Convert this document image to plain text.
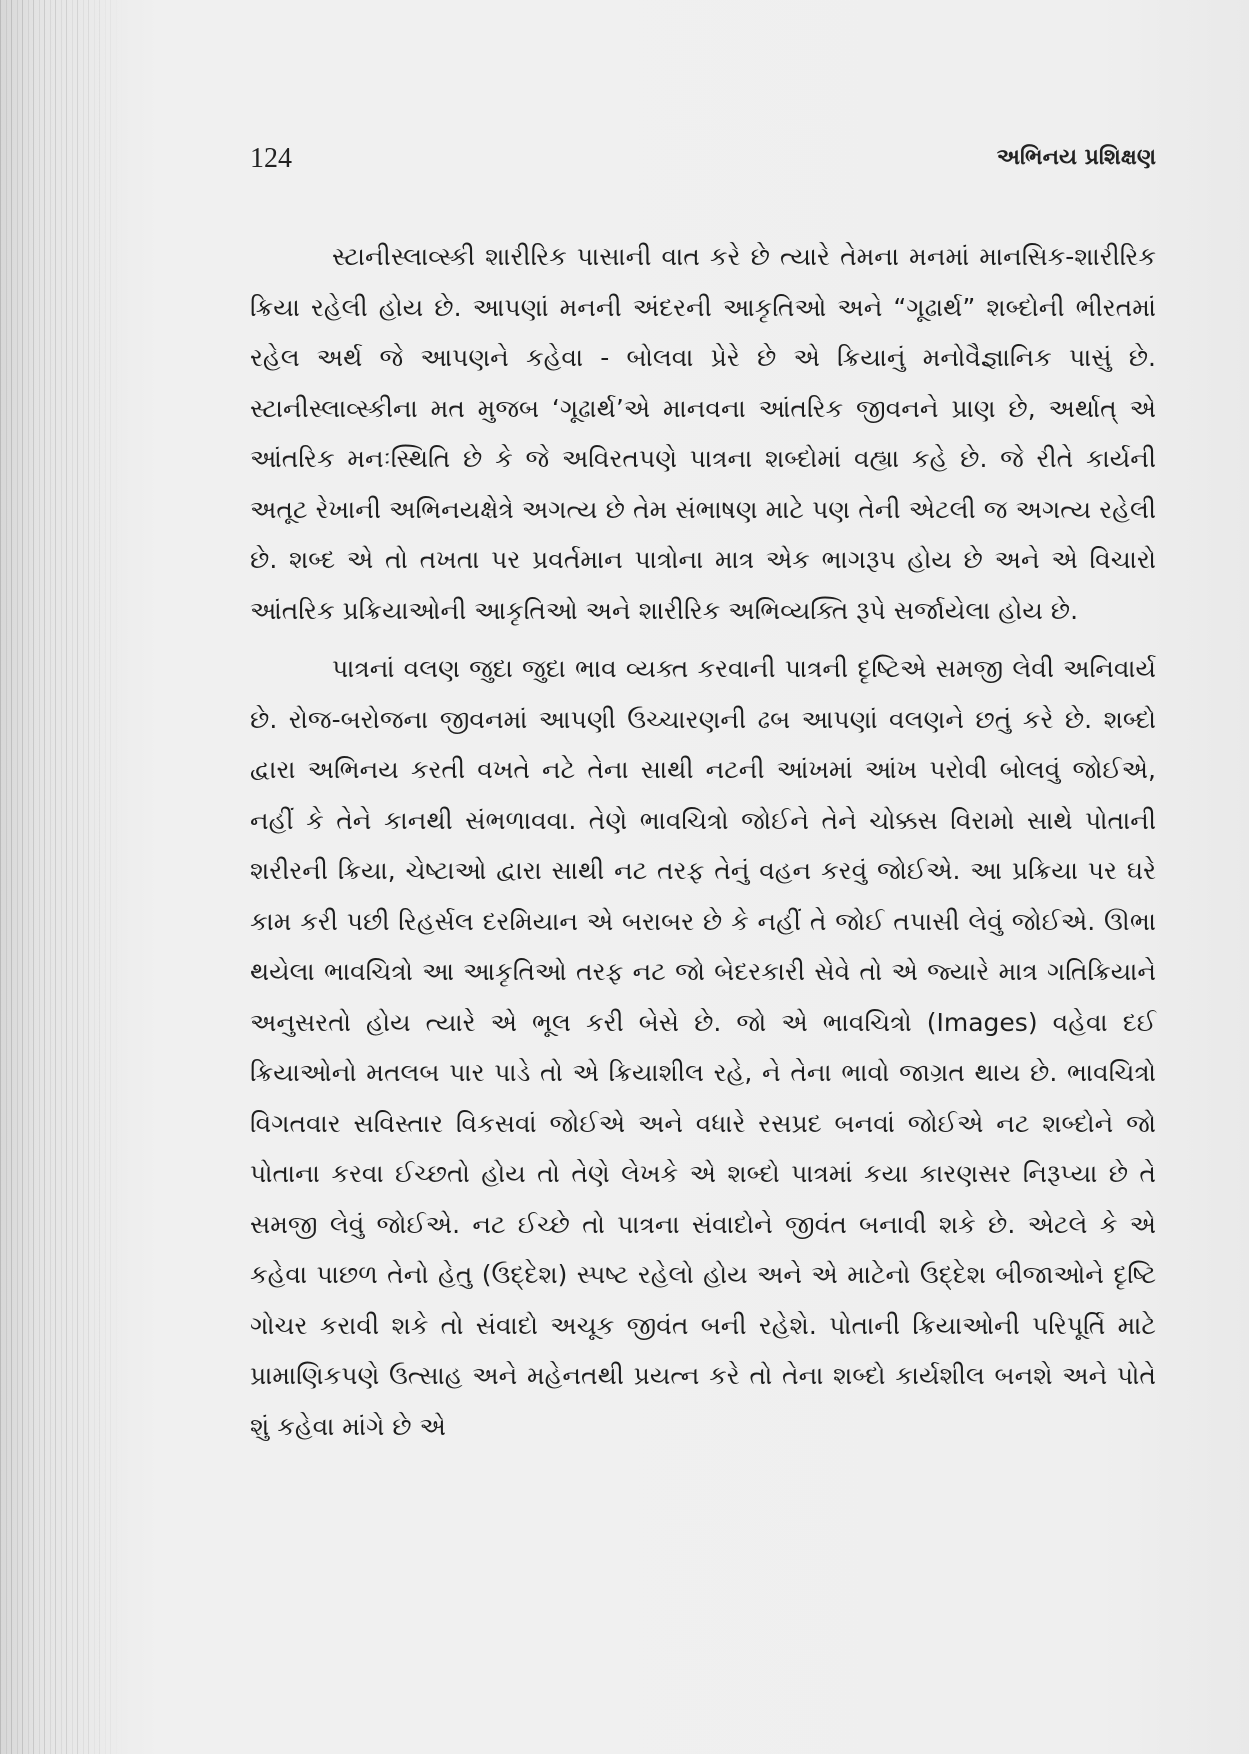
124	અભિનય પ્રશિક્ષણ

સ્ટાનીસ્લાવ્સ્કી શારીરિક પાસાની વાત કરે છે ત્યારે તેમના મનમાં માનસિક-શારીરિક ક્રિયા રહેલી હોય છે. આપણાં મનની અંદરની આકૃતિઓ અને “ગૂઢાર્થ” શબ્દોની ભીરતમાં રહેલ અર્થ જે આપણને કહેવા - બોલવા પ્રેરે છે એ ક્રિયાનું મનોવૈજ્ઞાનિક પાસું છે. સ્ટાનીસ્લાવ્સ્કીના મત મુજબ ‘ગૂઢાર્થ’એ માનવના આંતરિક જીવનને પ્રાણ છે, અર્થાત્ એ આંતરિક મનઃસ્થિતિ છે કે જે અવિરતપણે પાત્રના શબ્દોમાં વહ્યા કહે છે. જે રીતે કાર્યની અતૂટ રેખાની અભિનયક્ષેત્રે અગત્ય છે તેમ સંભાષણ માટે પણ તેની એટલી જ અગત્ય રહેલી છે. શબ્દ એ તો તખતા પર પ્રવર્તમાન પાત્રોના માત્ર એક ભાગરૂપ હોય છે અને એ વિચારો આંતરિક પ્રક્રિયાઓની આકૃતિઓ અને શારીરિક અભિવ્યક્તિ રૂપે સર્જાયેલા હોય છે.

પાત્રનાં વલણ જુદા જુદા ભાવ વ્યક્ત કરવાની પાત્રની દૃષ્ટિએ સમજી લેવી અનિવાર્ય છે. રોજ-બરોજના જીવનમાં આપણી ઉચ્ચારણની ઢબ આપણાં વલણને છતું કરે છે. શબ્દો દ્વારા અભિનય કરતી વખતે નટે તેના સાથી નટની આંખમાં આંખ પરોવી બોલવું જોઈએ, નહીં કે તેને કાનથી સંભળાવવા. તેણે ભાવચિત્રો જોઈને તેને ચોક્કસ વિરામો સાથે પોતાની શરીરની ક્રિયા, ચેષ્ટાઓ દ્વારા સાથી નટ તરફ તેનું વહન કરવું જોઈએ. આ પ્રક્રિયા પર ઘરે કામ કરી પછી રિહર્સલ દરમિયાન એ બરાબર છે કે નહીં તે જોઈ તપાસી લેવું જોઈએ. ઊભા થયેલા ભાવચિત્રો આ આકૃતિઓ તરફ નટ જો બેદરકારી સેવે તો એ જ્યારે માત્ર ગતિક્રિયાને અનુસરતો હોય ત્યારે એ ભૂલ કરી બેસે છે. જો એ ભાવચિત્રો (Images) વહેવા દઈ ક્રિયાઓનો મતલબ પાર પાડે તો એ ક્રિયાશીલ રહે, ને તેના ભાવો જાગ્રત થાય છે. ભાવચિત્રો વિગતવાર સવિસ્તાર વિકસવાં જોઈએ અને વધારે રસપ્રદ બનવાં જોઈએ નટ શબ્દોને જો પોતાના કરવા ઈચ્છતો હોય તો તેણે લેખકે એ શબ્દો પાત્રમાં કયા કારણસર નિરૂપ્યા છે તે સમજી લેવું જોઈએ. નટ ઈચ્છે તો પાત્રના સંવાદોને જીવંત બનાવી શકે છે. એટલે કે એ કહેવા પાછળ તેનો હેતુ (ઉદ્દેશ) સ્પષ્ટ રહેલો હોય અને એ માટેનો ઉદ્દેશ બીજાઓને દૃષ્ટિ ગોચર કરાવી શકે તો સંવાદો અચૂક જીવંત બની રહેશે. પોતાની ક્રિયાઓની પરિપૂર્તિ માટે પ્રામાણિકપણે ઉત્સાહ અને મહેનતથી પ્રયત્ન કરે તો તેના શબ્દો કાર્યશીલ બનશે અને પોતે શું કહેવા માંગે છે એ
